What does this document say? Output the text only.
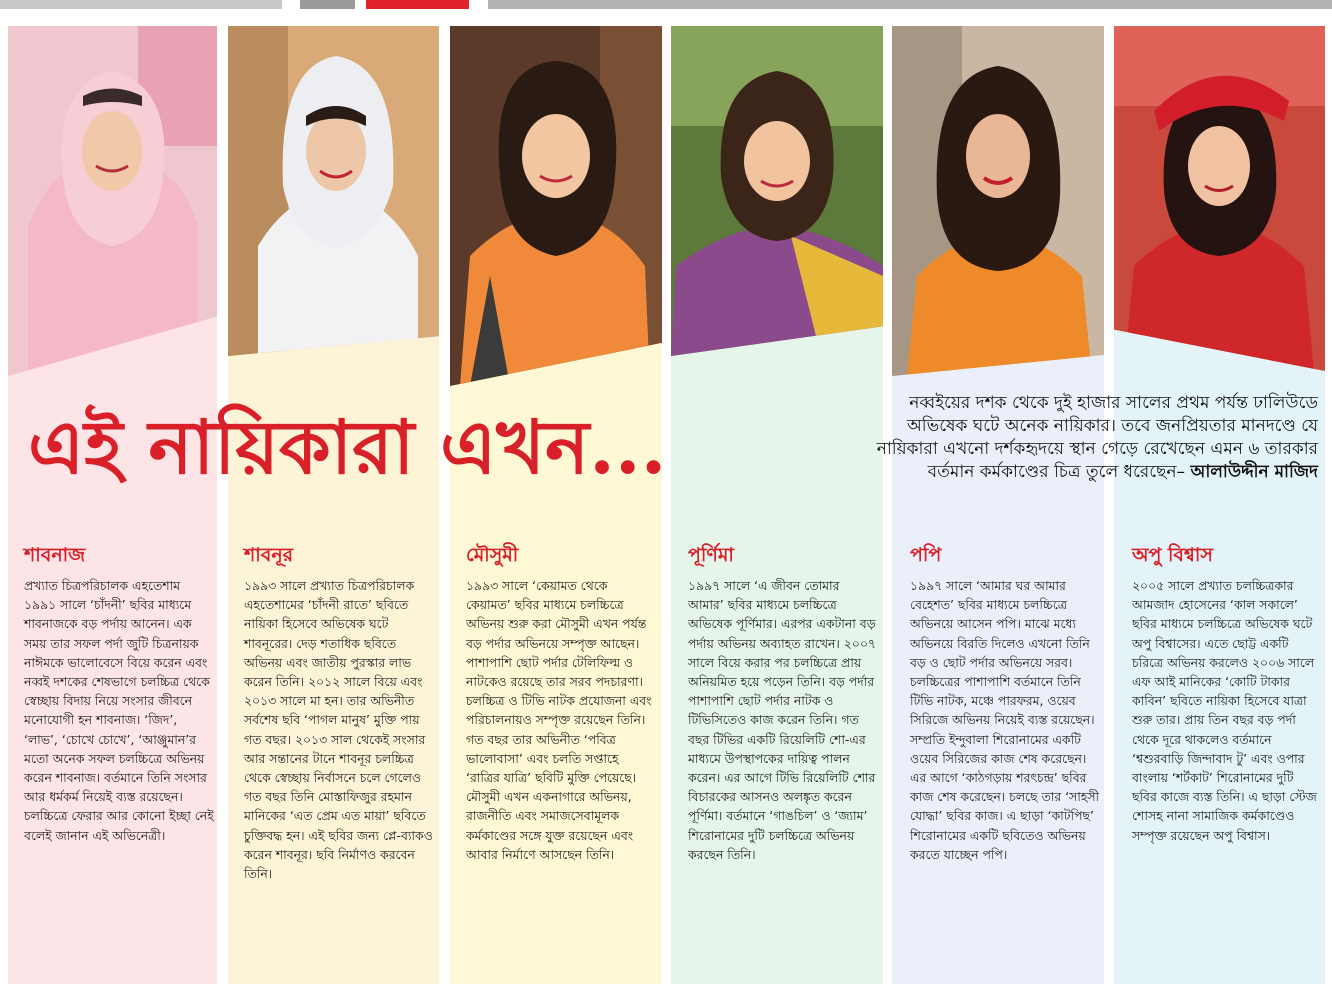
এই নায়িকারা এখন...

নব্বইয়ের দশক থেকে দুই হাজার সালের প্রথম পর্যন্ত ঢালিউডে অভিষেক ঘটে অনেক নায়িকার। তবে জনপ্রিয়তার মানদণ্ডে যে নায়িকারা এখনো দর্শকহৃদয়ে স্থান গেড়ে রেখেছেন এমন ৬ তারকার বর্তমান কর্মকাণ্ডের চিত্র তুলে ধরেছেন– আলাউদ্দীন মাজিদ

শাবনাজ

প্রখ্যাত চিত্রপরিচালক এহতেশাম ১৯৯১ সালে ‘চাঁদনী’ ছবির মাধ্যমে শাবনাজকে বড় পর্দায় আনেন। এক সময় তার সফল পর্দা জুটি চিত্রনায়ক নাঈমকে ভালোবেসে বিয়ে করেন এবং নব্বই দশকের শেষভাগে চলচ্চিত্র থেকে স্বেচ্ছায় বিদায় নিয়ে সংসার জীবনে মনোযোগী হন শাবনাজ। ‘জিদ’, ‘লাভ’, ‘চোখে চোখে’, ‘আঞ্জুমান’র মতো অনেক সফল চলচ্চিত্রে অভিনয় করেন শাবনাজ। বর্তমানে তিনি সংসার আর ধর্মকর্ম নিয়েই ব্যস্ত রয়েছেন। চলচ্চিত্রে ফেরার আর কোনো ইচ্ছা নেই বলেই জানান এই অভিনেত্রী।

শাবনূর

১৯৯৩ সালে প্রখ্যাত চিত্রপরিচালক এহতেশামের ‘চাঁদনী রাতে’ ছবিতে নায়িকা হিসেবে অভিষেক ঘটে শাবনূরের। দেড় শতাধিক ছবিতে অভিনয় এবং জাতীয় পুরস্কার লাভ করেন তিনি। ২০১২ সালে বিয়ে এবং ২০১৩ সালে মা হন। তার অভিনীত সর্বশেষ ছবি ‘পাগল মানুষ’ মুক্তি পায় গত বছর। ২০১৩ সাল থেকেই সংসার আর সন্তানের টানে শাবনূর চলচ্চিত্র থেকে স্বেচ্ছায় নির্বাসনে চলে গেলেও গত বছর তিনি মোস্তাফিজুর রহমান মানিকের ‘এত প্রেম এত মায়া’ ছবিতে চুক্তিবদ্ধ হন। এই ছবির জন্য প্লে-ব্যাকও করেন শাবনূর। ছবি নির্মাণও করবেন তিনি।

মৌসুমী

১৯৯৩ সালে ‘কেয়ামত থেকে কেয়ামত’ ছবির মাধ্যমে চলচ্চিত্রে অভিনয় শুরু করা মৌসুমী এখন পর্যন্ত বড় পর্দার অভিনয়ে সম্পৃক্ত আছেন। পাশাপাশি ছোট পর্দার টেলিফিল্ম ও নাটকেও রয়েছে তার সরব পদচারণা। চলচ্চিত্র ও টিভি নাটক প্রযোজনা এবং পরিচালনায়ও সম্পৃক্ত রয়েছেন তিনি। গত বছর তার অভিনীত ‘পবিত্র ভালোবাসা’ এবং চলতি সপ্তাহে ‘রাত্রির যাত্রি’ ছবিটি মুক্তি পেয়েছে। মৌসুমী এখন একনাগারে অভিনয়, রাজনীতি এবং সমাজসেবামূলক কর্মকাণ্ডের সঙ্গে যুক্ত রয়েছেন এবং আবার নির্মাণে আসছেন তিনি।

পূর্ণিমা

১৯৯৭ সালে ‘এ জীবন তোমার আমার’ ছবির মাধ্যমে চলচ্চিত্রে অভিষেক পূর্ণিমার। এরপর একটানা বড় পর্দায় অভিনয় অব্যাহত রাখেন। ২০০৭ সালে বিয়ে করার পর চলচ্চিত্রে প্রায় অনিয়মিত হয়ে পড়েন তিনি। বড় পর্দার পাশাপাশি ছোট পর্দার নাটক ও টিভিসিতেও কাজ করেন তিনি। গত বছর টিভির একটি রিয়েলিটি শো-এর মাধ্যমে উপস্থাপকের দায়িত্ব পালন করেন। এর আগে টিভি রিয়েলিটি শোর বিচারকের আসনও অলঙ্কৃত করেন পূর্ণিমা। বর্তমানে ‘গাঙচিল’ ও ‘জ্যাম’ শিরোনামের দুটি চলচ্চিত্রে অভিনয় করছেন তিনি।

পপি

১৯৯৭ সালে ‘আমার ঘর আমার বেহেশত’ ছবির মাধ্যমে চলচ্চিত্রে অভিনয়ে আসেন পপি। মাঝে মধ্যে অভিনয়ে বিরতি দিলেও এখনো তিনি বড় ও ছোট পর্দার অভিনয়ে সরব। চলচ্চিত্রের পাশাপাশি বর্তমানে তিনি টিভি নাটক, মঞ্চে পারফরম, ওয়েব সিরিজে অভিনয় নিয়েই ব্যস্ত রয়েছেন। সম্প্রতি ইন্দুবালা শিরোনামের একটি ওয়েব সিরিজের কাজ শেষ করেছেন। এর আগে ‘কাঠগড়ায় শরৎচন্দ্র’ ছবির কাজ শেষ করেছেন। চলছে তার ‘সাহসী যোদ্ধা’ ছবির কাজ। এ ছাড়া ‘কাটপিছ’ শিরোনামের একটি ছবিতেও অভিনয় করতে যাচ্ছেন পপি।

অপু বিশ্বাস

২০০৫ সালে প্রখ্যাত চলচ্চিত্রকার আমজাদ হোসেনের ‘কাল সকালে’ ছবির মাধ্যমে চলচ্চিত্রে অভিষেক ঘটে অপু বিশ্বাসের। এতে ছোট্ট একটি চরিত্রে অভিনয় করলেও ২০০৬ সালে এফ আই মানিকের ‘কোটি টাকার কাবিন’ ছবিতে নায়িকা হিসেবে যাত্রা শুরু তার। প্রায় তিন বছর বড় পর্দা থেকে দূরে থাকলেও বর্তমানে ‘শ্বশুরবাড়ি জিন্দাবাদ টু’ এবং ওপার বাংলায় ‘শর্টকাট’ শিরোনামের দুটি ছবির কাজে ব্যস্ত তিনি। এ ছাড়া স্টেজ শোসহ নানা সামাজিক কর্মকাণ্ডেও সম্পৃক্ত রয়েছেন অপু বিশ্বাস।
